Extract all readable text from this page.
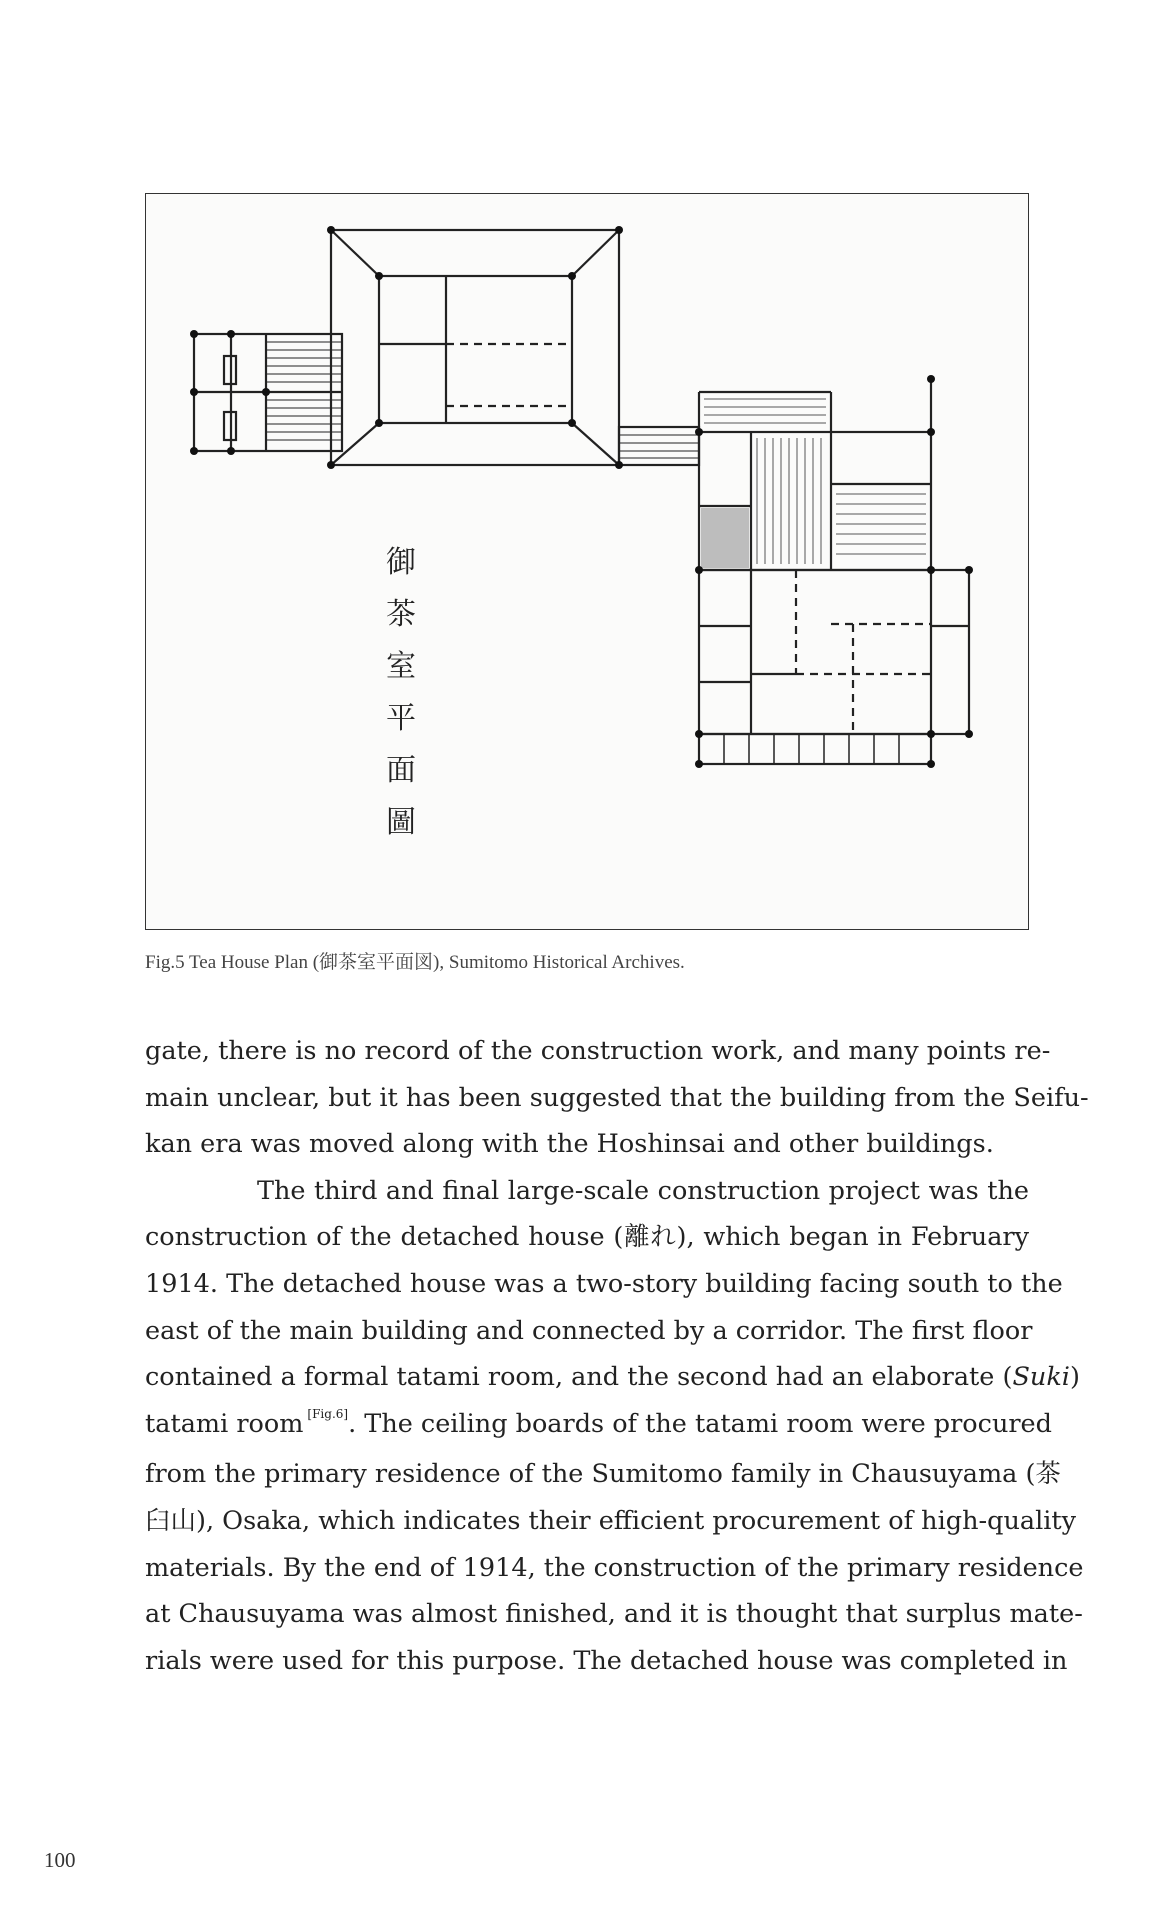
御
茶
室
平
面
圖
Fig.5 Tea House Plan (御茶室平面図), Sumitomo Historical Archives.
gate, there is no record of the construction work, and many points re-
main unclear, but it has been suggested that the building from the Seifu-
kan era was moved along with the Hoshinsai and other buildings.
The third and final large-scale construction project was the
construction of the detached house (離れ), which began in February
1914. The detached house was a two-story building facing south to the
east of the main building and connected by a corridor. The first floor
contained a formal tatami room, and the second had an elaborate (Suki)
tatami room [Fig.6]. The ceiling boards of the tatami room were procured
from the primary residence of the Sumitomo family in Chausuyama (茶
臼山), Osaka, which indicates their efficient procurement of high-quality
materials. By the end of 1914, the construction of the primary residence
at Chausuyama was almost finished, and it is thought that surplus mate-
rials were used for this purpose. The detached house was completed in
100
